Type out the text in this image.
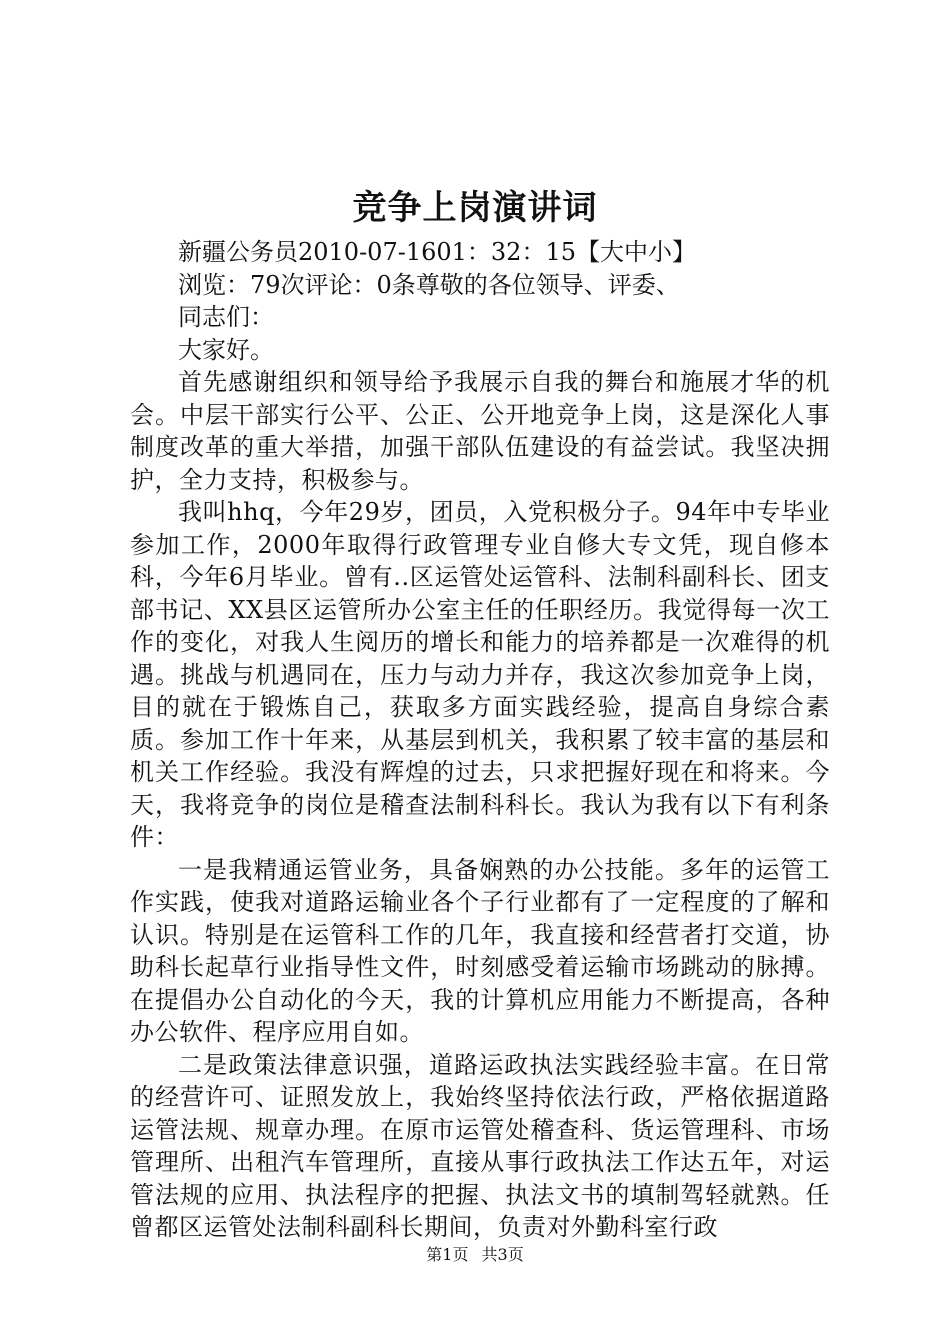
竞争上岗演讲词

新疆公务员2010-07-1601：32：15【大中小】

浏览：79次评论：0条尊敬的各位领导、评委、

同志们：

大家好。

首先感谢组织和领导给予我展示自我的舞台和施展才华的机会。中层干部实行公平、公正、公开地竞争上岗，这是深化人事制度改革的重大举措，加强干部队伍建设的有益尝试。我坚决拥护，全力支持，积极参与。

我叫hhq，今年29岁，团员，入党积极分子。94年中专毕业参加工作，2000年取得行政管理专业自修大专文凭，现自修本科，今年6月毕业。曾有..区运管处运管科、法制科副科长、团支部书记、XX县区运管所办公室主任的任职经历。我觉得每一次工作的变化，对我人生阅历的增长和能力的培养都是一次难得的机遇。挑战与机遇同在，压力与动力并存，我这次参加竞争上岗，目的就在于锻炼自己，获取多方面实践经验，提高自身综合素质。参加工作十年来，从基层到机关，我积累了较丰富的基层和机关工作经验。我没有辉煌的过去，只求把握好现在和将来。今天，我将竞争的岗位是稽查法制科科长。我认为我有以下有利条件：

一是我精通运管业务，具备娴熟的办公技能。多年的运管工作实践，使我对道路运输业各个子行业都有了一定程度的了解和认识。特别是在运管科工作的几年，我直接和经营者打交道，协助科长起草行业指导性文件，时刻感受着运输市场跳动的脉搏。在提倡办公自动化的今天，我的计算机应用能力不断提高，各种办公软件、程序应用自如。

二是政策法律意识强，道路运政执法实践经验丰富。在日常的经营许可、证照发放上，我始终坚持依法行政，严格依据道路运管法规、规章办理。在原市运管处稽查科、货运管理科、市场管理所、出租汽车管理所，直接从事行政执法工作达五年，对运管法规的应用、执法程序的把握、执法文书的填制驾轻就熟。任曾都区运管处法制科副科长期间，负责对外勤科室行政

第1页 共3页
